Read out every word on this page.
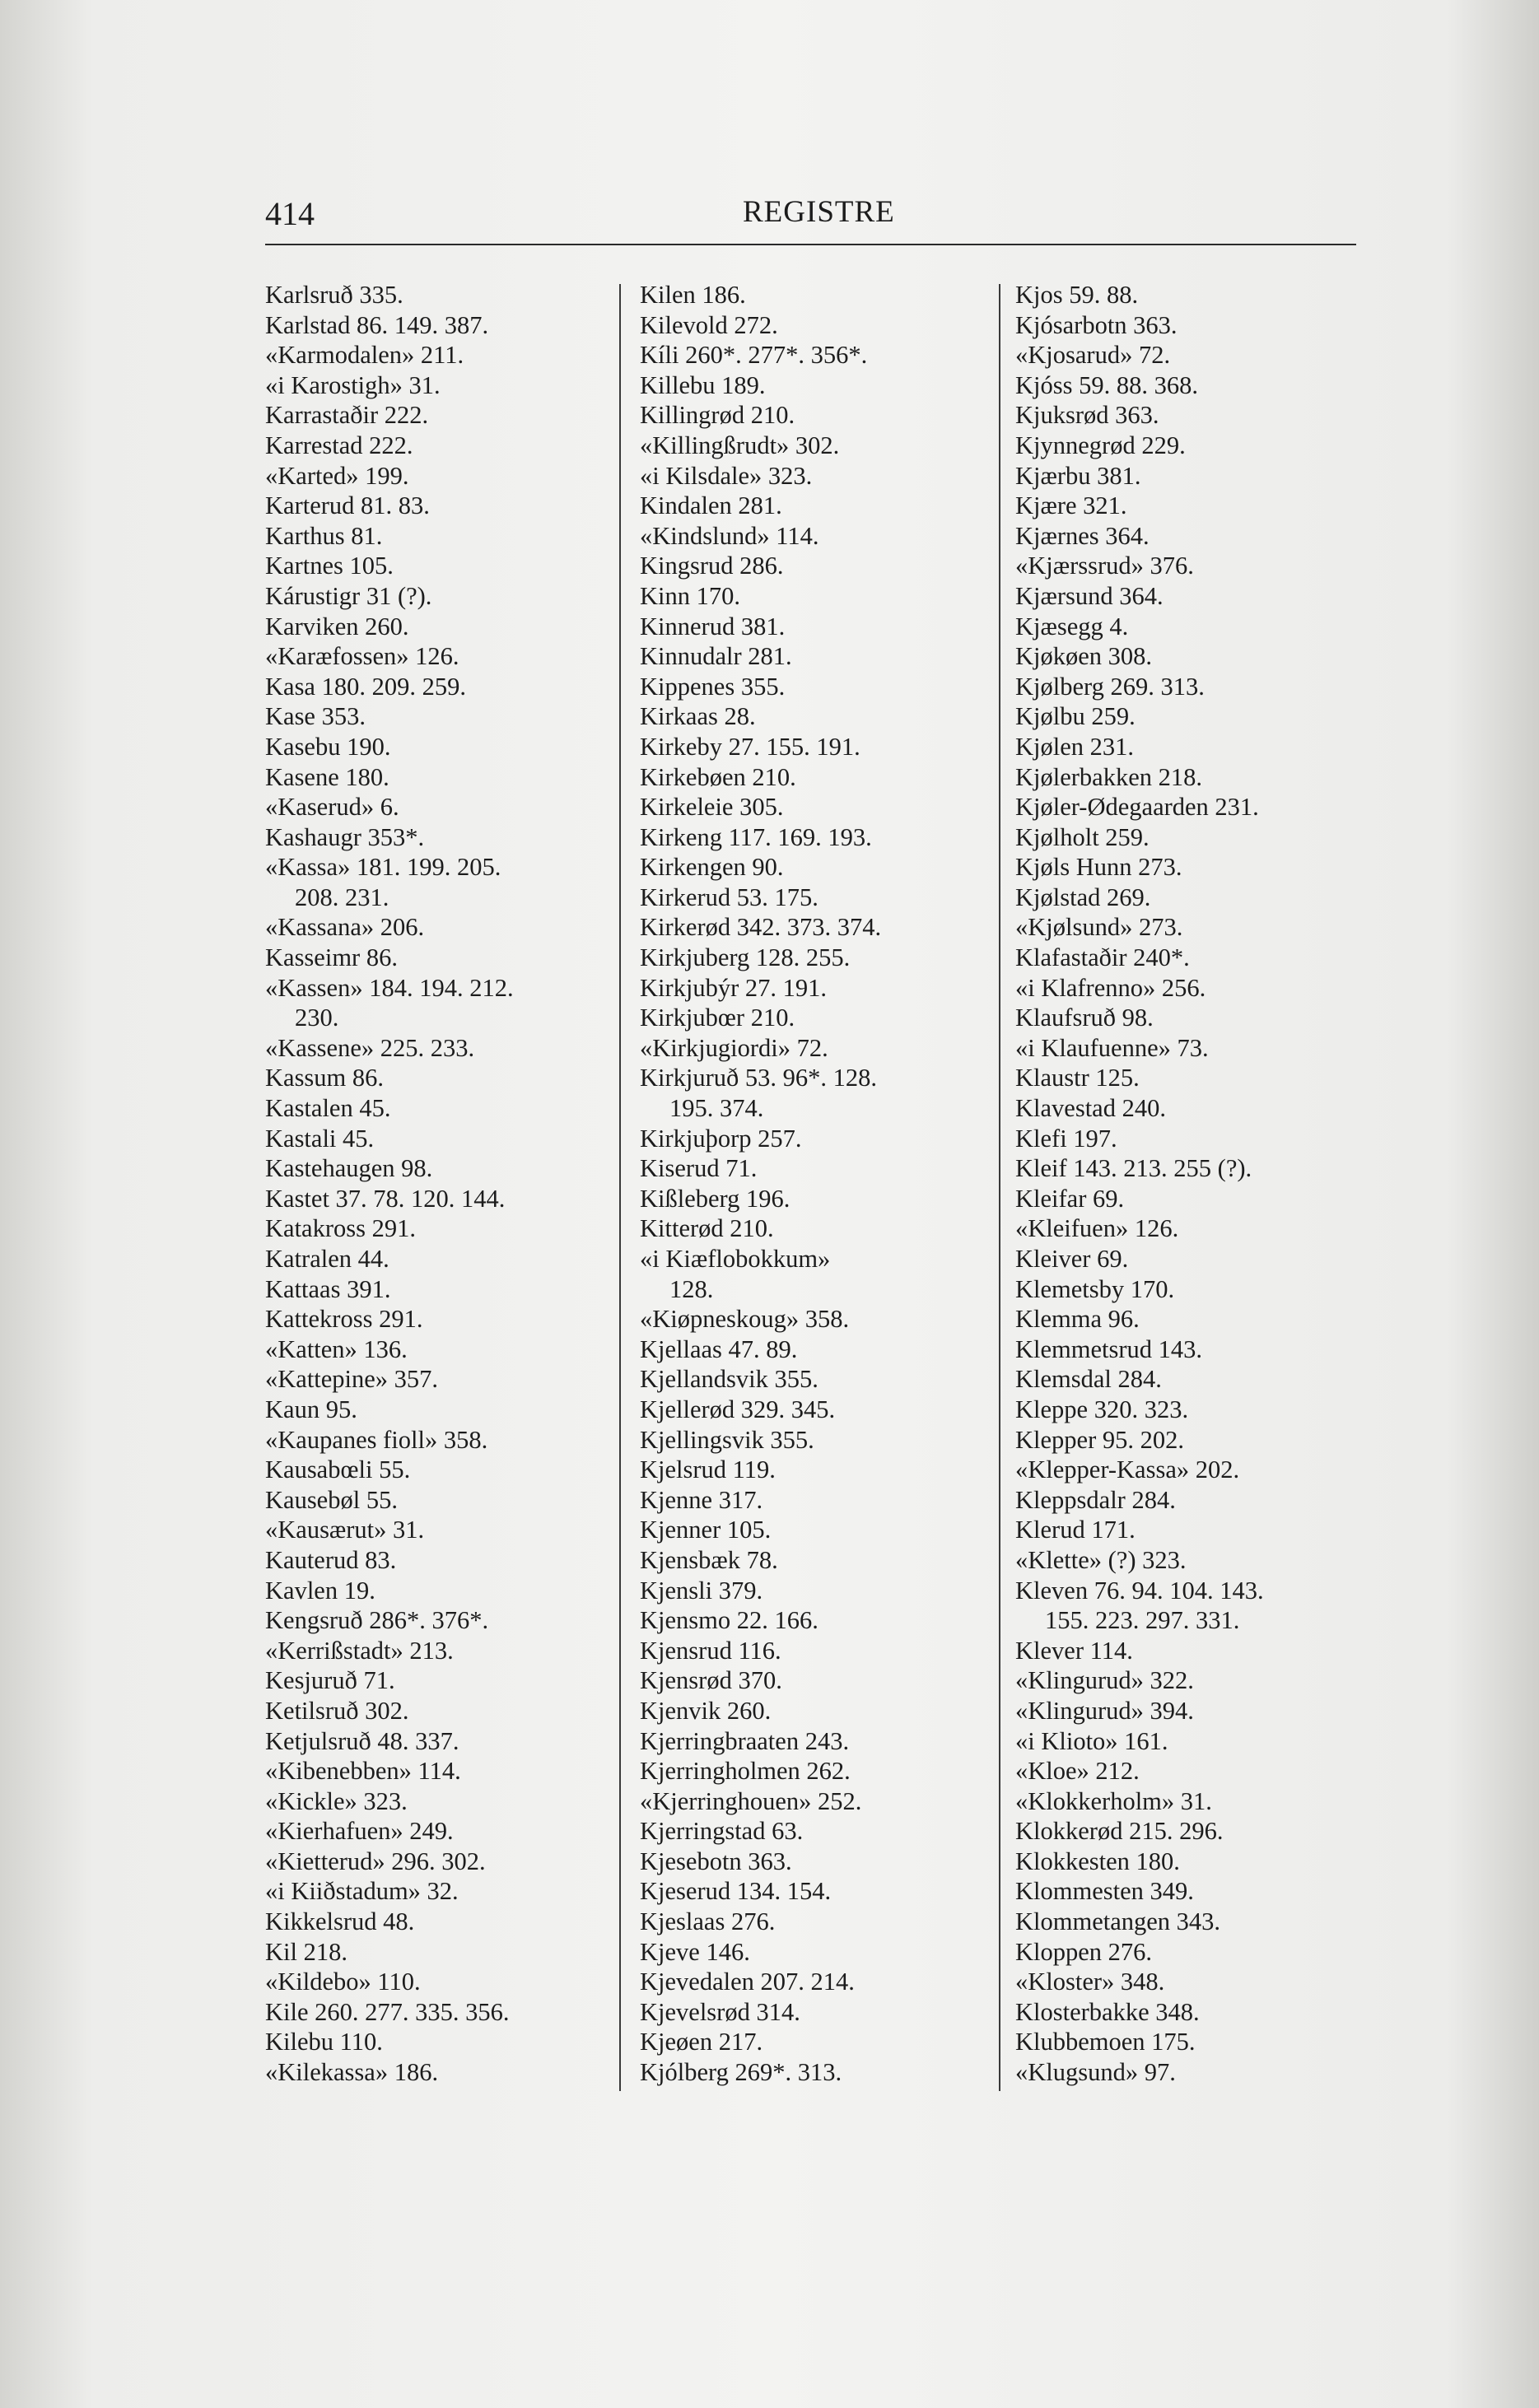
414	REGISTRE
Karlsruð 335.
Karlstad 86. 149. 387.
«Karmodalen» 211.
«i Karostigh» 31.
Karrastaðir 222.
Karrestad 222.
«Karted» 199.
Karterud 81. 83.
Karthus 81.
Kartnes 105.
Kárustigr 31 (?).
Karviken 260.
«Karæfossen» 126.
Kasa 180. 209. 259.
Kase 353.
Kasebu 190.
Kasene 180.
«Kaserud» 6.
Kashaugr 353*.
«Kassa» 181. 199. 205.
208. 231.
«Kassana» 206.
Kasseimr 86.
«Kassen» 184. 194. 212.
230.
«Kassene» 225. 233.
Kassum 86.
Kastalen 45.
Kastali 45.
Kastehaugen 98.
Kastet 37. 78. 120. 144.
Katakross 291.
Katralen 44.
Kattaas 391.
Kattekross 291.
«Katten» 136.
«Kattepine» 357.
Kaun 95.
«Kaupanes fioll» 358.
Kausabœli 55.
Kausebøl 55.
«Kausærut» 31.
Kauterud 83.
Kavlen 19.
Kengsruð 286*. 376*.
«Kerrißstadt» 213.
Kesjuruð 71.
Ketilsruð 302.
Ketjulsruð 48. 337.
«Kibenebben» 114.
«Kickle» 323.
«Kierhafuen» 249.
«Kietterud» 296. 302.
«i Kiiðstadum» 32.
Kikkelsrud 48.
Kil 218.
«Kildebo» 110.
Kile 260. 277. 335. 356.
Kilebu 110.
«Kilekassa» 186.
Kilen 186.
Kilevold 272.
Kíli 260*. 277*. 356*.
Killebu 189.
Killingrød 210.
«Killingßrudt» 302.
«i Kilsdale» 323.
Kindalen 281.
«Kindslund» 114.
Kingsrud 286.
Kinn 170.
Kinnerud 381.
Kinnudalr 281.
Kippenes 355.
Kirkaas 28.
Kirkeby 27. 155. 191.
Kirkebøen 210.
Kirkeleie 305.
Kirkeng 117. 169. 193.
Kirkengen 90.
Kirkerud 53. 175.
Kirkerød 342. 373. 374.
Kirkjuberg 128. 255.
Kirkjubýr 27. 191.
Kirkjubœr 210.
«Kirkjugiordi» 72.
Kirkjuruð 53. 96*. 128.
195. 374.
Kirkjuþorp 257.
Kiserud 71.
Kißleberg 196.
Kitterød 210.
«i Kiæflobokkum»
128.
«Kiøpneskoug» 358.
Kjellaas 47. 89.
Kjellandsvik 355.
Kjellerød 329. 345.
Kjellingsvik 355.
Kjelsrud 119.
Kjenne 317.
Kjenner 105.
Kjensbæk 78.
Kjensli 379.
Kjensmo 22. 166.
Kjensrud 116.
Kjensrød 370.
Kjenvik 260.
Kjerringbraaten 243.
Kjerringholmen 262.
«Kjerringhouen» 252.
Kjerringstad 63.
Kjesebotn 363.
Kjeserud 134. 154.
Kjeslaas 276.
Kjeve 146.
Kjevedalen 207. 214.
Kjevelsrød 314.
Kjeøen 217.
Kjólberg 269*. 313.
Kjos 59. 88.
Kjósarbotn 363.
«Kjosarud» 72.
Kjóss 59. 88. 368.
Kjuksrød 363.
Kjynnegrød 229.
Kjærbu 381.
Kjære 321.
Kjærnes 364.
«Kjærssrud» 376.
Kjærsund 364.
Kjæsegg 4.
Kjøkøen 308.
Kjølberg 269. 313.
Kjølbu 259.
Kjølen 231.
Kjølerbakken 218.
Kjøler-Ødegaarden 231.
Kjølholt 259.
Kjøls Hunn 273.
Kjølstad 269.
«Kjølsund» 273.
Klafastaðir 240*.
«i Klafrenno» 256.
Klaufsruð 98.
«i Klaufuenne» 73.
Klaustr 125.
Klavestad 240.
Klefi 197.
Kleif 143. 213. 255 (?).
Kleifar 69.
«Kleifuen» 126.
Kleiver 69.
Klemetsby 170.
Klemma 96.
Klemmetsrud 143.
Klemsdal 284.
Kleppe 320. 323.
Klepper 95. 202.
«Klepper-Kassa» 202.
Kleppsdalr 284.
Klerud 171.
«Klette» (?) 323.
Kleven 76. 94. 104. 143.
155. 223. 297. 331.
Klever 114.
«Klingurud» 322.
«Klingurud» 394.
«i Klioto» 161.
«Kloe» 212.
«Klokkerholm» 31.
Klokkerød 215. 296.
Klokkesten 180.
Klommesten 349.
Klommetangen 343.
Kloppen 276.
«Kloster» 348.
Klosterbakke 348.
Klubbemoen 175.
«Klugsund» 97.
